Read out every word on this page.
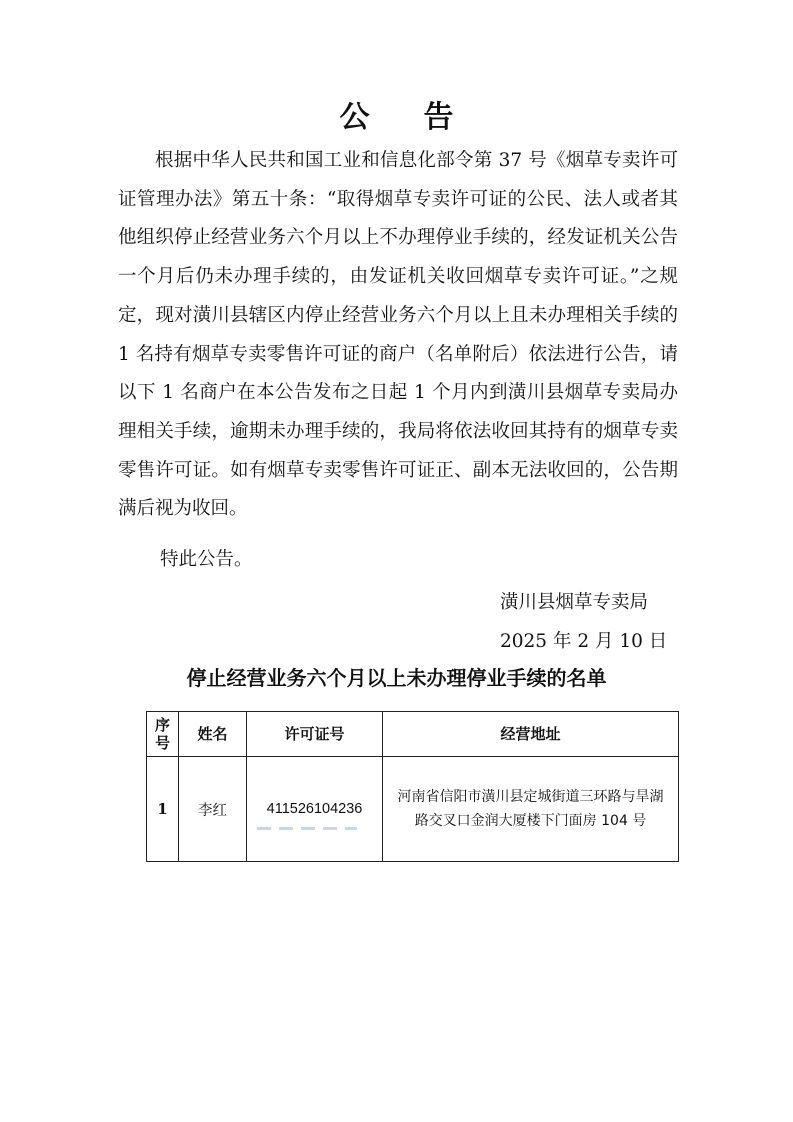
公告

根据中华人民共和国工业和信息化部令第 37 号《烟草专卖许可证管理办法》第五十条：“取得烟草专卖许可证的公民、法人或者其他组织停止经营业务六个月以上不办理停业手续的，经发证机关公告一个月后仍未办理手续的，由发证机关收回烟草专卖许可证。”之规定，现对潢川县辖区内停止经营业务六个月以上且未办理相关手续的 1 名持有烟草专卖零售许可证的商户（名单附后）依法进行公告，请以下 1 名商户在本公告发布之日起 1 个月内到潢川县烟草专卖局办理相关手续，逾期未办理手续的，我局将依法收回其持有的烟草专卖零售许可证。如有烟草专卖零售许可证正、副本无法收回的，公告期满后视为收回。

特此公告。
潢川县烟草专卖局
2025 年 2 月 10 日
停止经营业务六个月以上未办理停业手续的名单
序号	姓名	许可证号	经营地址
1	李红	411526104236	河南省信阳市潢川县定城街道三环路与旱湖路交叉口金润大厦楼下门面房 104 号
